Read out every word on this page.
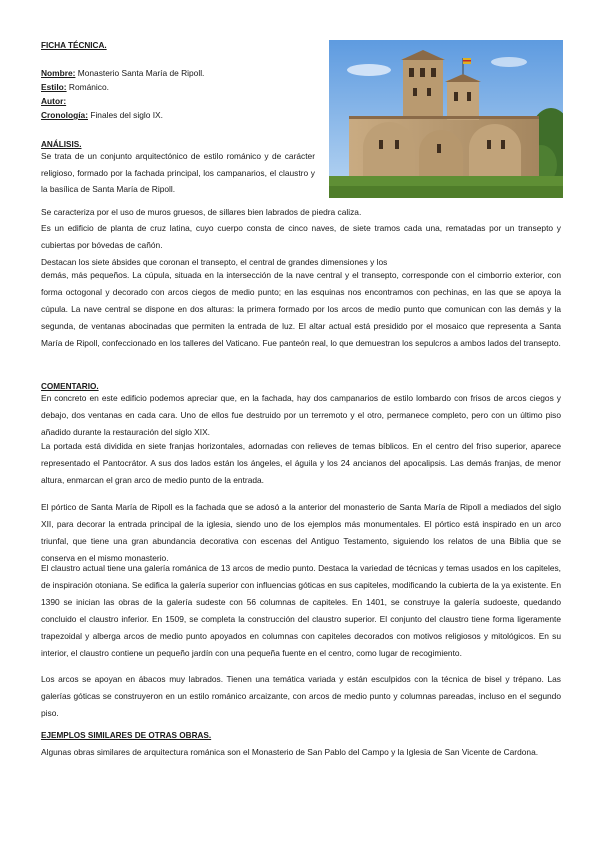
FICHA TÉCNICA.
Nombre: Monasterio Santa María de Ripoll.
Estilo: Románico.
Autor:
Cronología: Finales del siglo IX.
ANÁLISIS.

Se trata de un conjunto arquitectónico de estilo románico y de carácter religioso, formado por la fachada principal, los campanarios, el claustro y la basílica de Santa María de Ripoll.

Se caracteriza por el uso de muros gruesos, de sillares bien labrados de piedra caliza.

Es un edificio de planta de cruz latina, cuyo cuerpo consta de cinco naves, de siete tramos cada una, rematadas por un transepto y cubiertas por bóvedas de cañón.

Destacan los siete ábsides que coronan el transepto, el central de grandes dimensiones y los

demás, más pequeños. La cúpula, situada en la intersección de la nave central y el transepto, corresponde con el cimborrio exterior, con forma octogonal y decorado con arcos ciegos de medio punto; en las esquinas nos encontramos con pechinas, en las que se apoya la cúpula. La nave central se dispone en dos alturas: la primera formado por los arcos de medio punto que comunican con las demás y la segunda, de ventanas abocinadas que permiten la entrada de luz. El altar actual está presidido por el mosaico que representa a Santa María de Ripoll, confeccionado en los talleres del Vaticano. Fue panteón real, lo que demuestran los sepulcros a ambos lados del transepto.

COMENTARIO.

En concreto en este edificio podemos apreciar que, en la fachada, hay dos campanarios de estilo lombardo con frisos de arcos ciegos y debajo, dos ventanas en cada cara. Uno de ellos fue destruido por un terremoto y el otro, permanece completo, pero con un último piso añadido durante la restauración del siglo XIX.

La portada está dividida en siete franjas horizontales, adornadas con relieves de temas bíblicos. En el centro del friso superior, aparece representado el Pantocrátor. A sus dos lados están los ángeles, el águila y los 24 ancianos del apocalipsis. Las demás franjas, de menor altura, enmarcan el gran arco de medio punto de la entrada.

El pórtico de Santa María de Ripoll es la fachada que se adosó a la anterior del monasterio de Santa María de Ripoll a mediados del siglo XII, para decorar la entrada principal de la iglesia, siendo uno de los ejemplos más monumentales. El pórtico está inspirado en un arco triunfal, que tiene una gran abundancia decorativa con escenas del Antiguo Testamento, siguiendo los relatos de una Biblia que se conserva en el mismo monasterio.

El claustro actual tiene una galería románica de 13 arcos de medio punto. Destaca la variedad de técnicas y temas usados en los capiteles, de inspiración otoniana. Se edifica la galería superior con influencias góticas en sus capiteles, modificando la cubierta de la ya existente. En 1390 se inician las obras de la galería sudeste con 56 columnas de capiteles. En 1401, se construye la galería sudoeste, quedando concluido el claustro inferior. En 1509, se completa la construcción del claustro superior. El conjunto del claustro tiene forma ligeramente trapezoidal y alberga arcos de medio punto apoyados en columnas con capiteles decorados con motivos religiosos y mitológicos. En su interior, el claustro contiene un pequeño jardín con una pequeña fuente en el centro, como lugar de recogimiento.

Los arcos se apoyan en ábacos muy labrados. Tienen una temática variada y están esculpidos con la técnica de bisel y trépano. Las galerías góticas se construyeron en un estilo románico arcaizante, con arcos de medio punto y columnas pareadas, incluso en el segundo piso.

EJEMPLOS SIMILARES DE OTRAS OBRAS.

Algunas obras similares de arquitectura románica son el Monasterio de San Pablo del Campo y la Iglesia de San Vicente de Cardona.
